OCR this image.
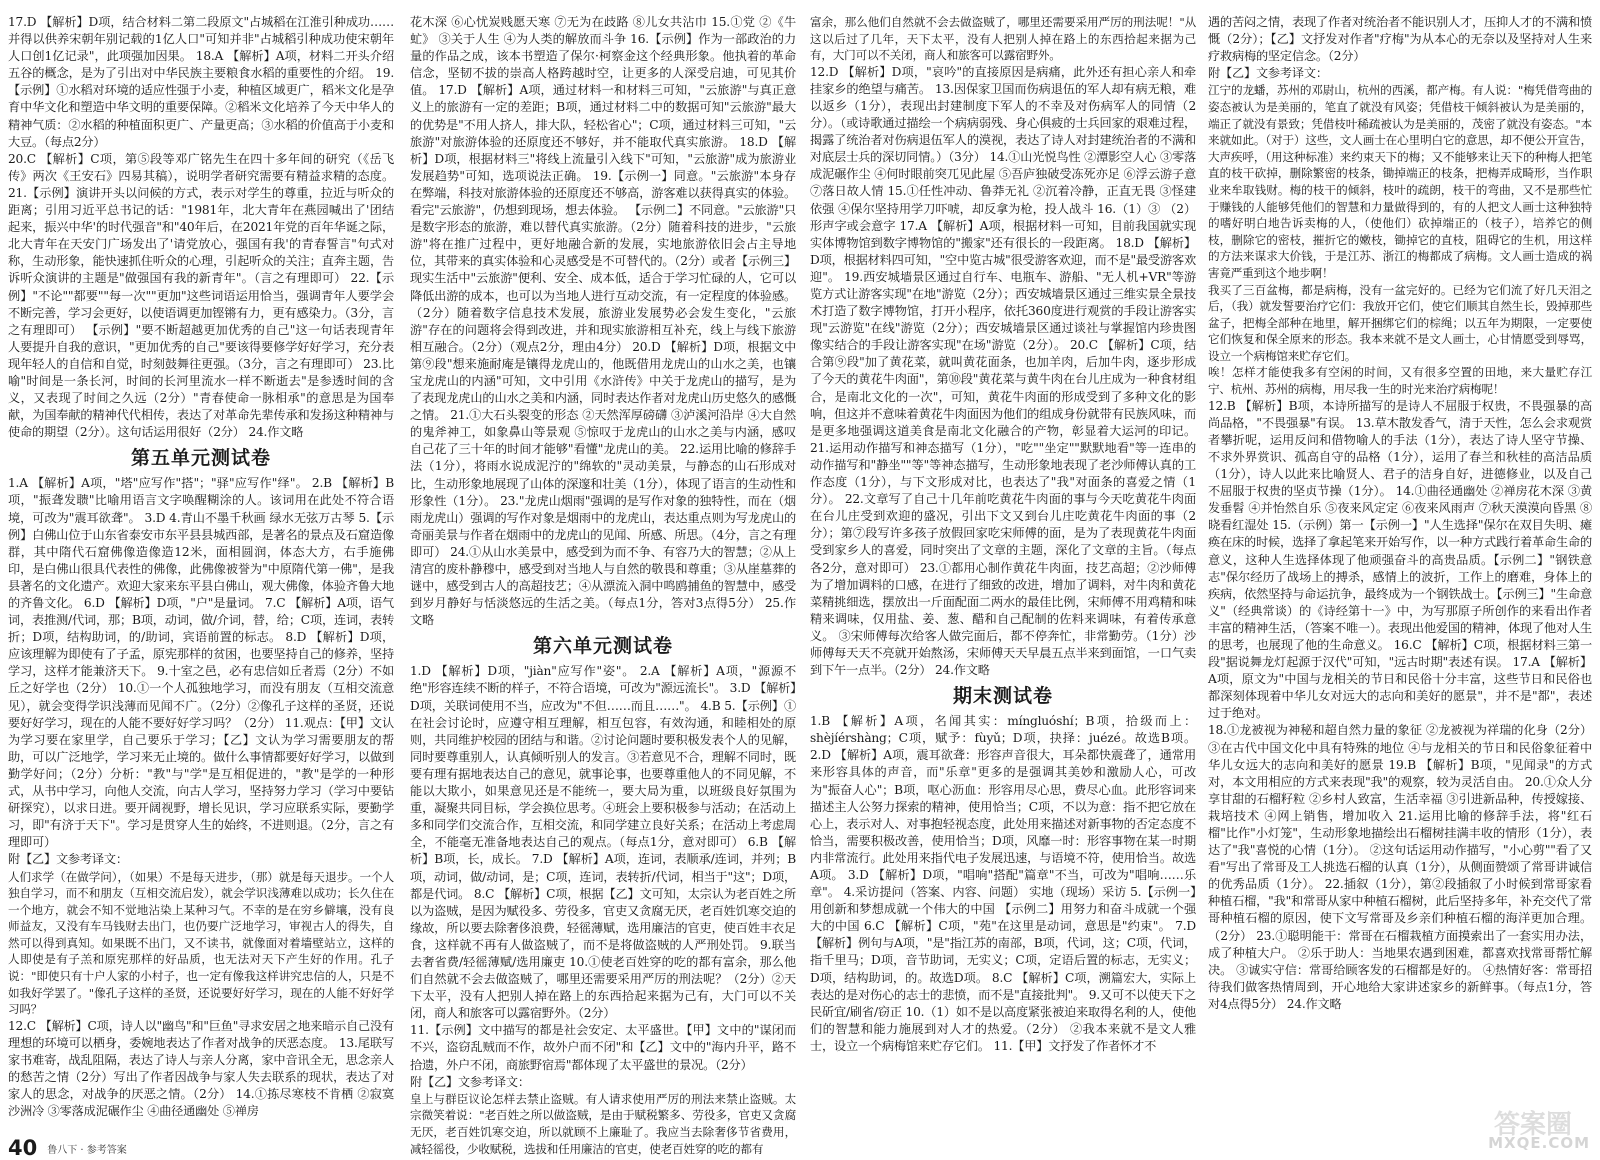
17.D 【解析】D项，结合材料二第二段原文"占城稻在江淮引种成功……并得以供养宋朝年别记载的1亿人口"可知并非"占城稻引种成功使宋朝年人口创1亿记录"，此项强加因果。 18.A 【解析】A项，材料二开头介绍五谷的概念，是为了引出对中华民族主要粮食水稻的重要性的介绍。 19.【示例】①水稻对环境的适应性强于小麦，种植区域更广，稻米文化是孕育中华文化和塑造中华文明的重要保障。②稻米文化培养了今天中华人的精神气质：②水稻的种植面积更广、产量更高；③水稻的价值高于小麦和大豆。（每点2分）

20.C 【解析】C项，第⑤段等邓广铭先生在四十多年间的研究（《岳飞传》两次《王安石》四易其稿），说明学者研究需要有精益求精的态度。 21.【示例】演讲开头以问候的方式，表示对学生的尊重，拉近与听众的距离；引用习近平总书记的话："1981年，北大青年在燕园喊出了'团结起来，振兴中华'的时代强音"和"40年后，在2021年党的百年华诞之际，北大青年在天安门广场发出了'请党放心，强国有我'的青春誓言"句式对称，生动形象，能快速抓住听众的心理，引起听众的关注；直奔主题，告诉听众演讲的主题是"做强国有我的新青年"。（言之有理即可） 22.【示例】"不论""都要""每一次""更加"这些词语运用恰当，强调青年人要学会不断完善，学习会更好，以使语调更加铿锵有力，更有感染力。（3分，言之有理即可） 【示例】"要不断超越更加优秀的自己"这一句话表现青年人要提升自我的意识，"更加优秀的自己"要该得要修学好好学习，充分表现年轻人的自信和自觉，时刻鼓舞往更强。（3分，言之有理即可） 23.比喻"时间是一条长河，时间的长河里流水一样不断逝去"是参透时间的含义，又表现了时间之久远（2分）"青春使命一脉相承"的意思是为国奉献，为国奉献的精神代代相传，表达了对革命先辈传承和发扬这种精神与使命的期望（2分）。这句话运用很好（2分） 24.作文略

第五单元测试卷

1.A 【解析】A项，"塔"应写作"搭"；"驿"应写作"绎"。 2.B 【解析】B项，"振聋发聩"比喻用语言文字唤醒糊涂的人。该词用在此处不符合语境，可改为"震耳欲聋"。 3.D 4.青山不墨千秋画 绿水无弦万古琴 5.【示例】白佛山位于山东省泰安市东平县县城西部，是著名的景点及石窟造像群，其中隋代石窟佛像造像造12米，面相圆润，体态大方，右手施佛印，是白佛山很具代表性的佛像，此佛像被誉为"中原隋代第一佛"，是我县著名的文化遗产。欢迎大家来东平县白佛山，观大佛像，体验齐鲁大地的齐鲁文化。 6.D 【解析】D项，"户"是量词。 7.C 【解析】A项，语气词，表推测/代词，那；B项，动词，做/介词，替，给；C项，连词，表转折；D项，结构助词，的/助词，宾语前置的标志。 8.D 【解析】D项，应该理解为即使有了子孟，原宪那样的贫困，也要坚持自己的修养，坚持学习，这样才能兼济天下。 9.十室之邑，必有忠信如丘者焉（2分）不如丘之好学也（2分） 10.①一个人孤独地学习，而没有朋友（互相交流意见），就会变得学识浅薄而见闻不广。（2分）②像孔子这样的圣贤，还说要好好学习，现在的人能不要好好学习吗？（2分） 11.观点：【甲】文认为学习要在家里学，自己要乐于学习；【乙】文认为学习需要朋友的帮助，可以广泛地学，学习来无止境的。做什么事情都要好好学习，以做到勤学好问；（2分）分析："教"与"学"是互相促进的，"教"是学的一种形式，从书中学习，向他人交流，向古人学习，坚持努力学习（学习中要钻研探究），以求日进。要开阔视野，增长见识，学习应联系实际，要勤学习，即"有济于天下"。学习是贯穿人生的始终，不进则退。（2分，言之有理即可）

附【乙】文参考译文：

人们求学（在做学问），（如果）不是每天进步，（那）就是每天退步。一个人独自学习，而不和朋友（互相交流启发），就会学识浅薄难以成功；长久住在一个地方，就会不知不觉地沾染上某种习气。不幸的是在穷乡僻壤，没有良师益友，又没有车马钱财去出门，也仍要广泛地学习，审视古人的得失，自然可以得到真知。如果既不出门，又不读书，就像面对着墙壁站立，这样的人即使是有子羔和原宪那样的好品质，也无法对天下产生好的作用。孔子说："即使只有十户人家的小村子，也一定有像我这样讲究忠信的人，只是不如我好学罢了。"像孔子这样的圣贤，还说要好好学习，现在的人能不好好学习吗？

12.C 【解析】C项，诗人以"幽鸟"和"巨鱼"寻求安居之地来暗示自己没有理想的环境可以栖身，委婉地表达了作者对战争的厌恶态度。 13.尾联写家书难寄，战乱阻隔，表达了诗人与亲人分离，家中音讯全无，思念亲人的愁苦之情（2分）写出了作者因战争与家人失去联系的现状，表达了对家人的思念，对战争的厌恶之情。（2分） 14.①拣尽寒枝不肯栖 ②寂寞沙洲冷 ③零落成泥碾作尘 ④曲径通幽处 ⑤禅房

花木深 ⑥心忧炭贱愿天寒 ⑦无为在歧路 ⑧儿女共沾巾 15.①党 ②《牛虻》 ③关于人生 ④为人类的解放而斗争 16.【示例】作为一部政治的力量的作品之成，该本书塑造了保尔·柯察金这个经典形象。他执着的革命信念，坚韧不拔的崇高人格跨越时空，让更多的人深受启迪，可见其价值。 17.D 【解析】A项，通过材料一和材料三可知，"云旅游"与真正意义上的旅游有一定的差距；B项，通过材料二中的数据可知"云旅游"最大的优势是"不用人挤人，排大队，轻松省心"；C项，通过材料三可知，"云旅游"对旅游体验的还原度还不够好，并不能取代真实旅游。 18.D 【解析】D项，根据材料三"将线上流量引入线下"可知，"云旅游"成为旅游业发展趋势"可知，选项说法正确。 19.【示例一】同意。"云旅游"本身存在弊端，科技对旅游体验的还原度还不够高，游客难以获得真实的体验。看完"云旅游"，仍想到现场，想去体验。 【示例二】不同意。"云旅游"只是数字形态的旅游，难以替代真实旅游。（2分）随着科技的进步，"云旅游"将在推广过程中，更好地融合新的发展，实地旅游依旧会占主导地位，其带来的真实体验和心灵感受是不可替代的。（2分）或者【示例三】现实生活中"云旅游"便利、安全、成本低，适合于学习忙碌的人，它可以降低出游的成本，也可以为当地人进行互动交流，有一定程度的体验感。（2分）随着数字信息技术发展，旅游业发展势必会发生变化，"云旅游"存在的问题将会得到改进，并和现实旅游相互补充，线上与线下旅游相互融合。（2分）（观点2分，理由4分） 20.D 【解析】D项，根据文中第⑨段"想来施耐庵是镶得龙虎山的，他既借用龙虎山的山水之美，也镶宝龙虎山的内涵"可知，文中引用《水浒传》中关于龙虎山的描写，是为了表现龙虎山的山水之美和内涵，同时表达作者对龙虎山历史悠久的感慨之情。 21.①大石头裂变的形态 ②天然浑厚磅礴 ③泸溪河沿岸 ④大自然的鬼斧神工，如象鼻山等景观 ⑤惊叹于龙虎山的山水之美与内涵，感叹自己花了三十年的时间才能够"看懂"龙虎山的美。 22.运用比喻的修辞手法（1分），将雨水说成泥泞的"绵软的"灵动美景，与静态的山石形成对比，生动形象地展现了山体的深邃和壮美（1分），体现了语言的生动性和形象性（1分）。 23."龙虎山烟雨"强调的是写作对象的独特性，而在（烟雨龙虎山）强调的写作对象是烟雨中的龙虎山，表达重点则为写龙虎山的奇丽美景与作者在烟雨中的龙虎山的见闻、所感、所思。（4分，言之有理即可） 24.①从山水美景中，感受到为而不争、有容乃大的智慧；②从上清宫的废朴静穆中，感受到对当地人与自然的敬畏和尊重；③从崖墓葬的谜中，感受到古人的高超技艺；④从漂流入洞中鸣鸥捕鱼的智慧中，感受到岁月静好与恬淡悠远的生活之美。（每点1分，答对3点得5分） 25.作文略

第六单元测试卷

1.D 【解析】D项，"jiàn"应写作"姿"。 2.A 【解析】A项，"源源不绝"形容连续不断的样子，不符合语境，可改为"源远流长"。 3.D 【解析】D项，关联词使用不当，应改为"不但……而且……"。 4.B 5.【示例】①在社会讨论时，应遵守相互理解，相互包容，有效沟通，和睦相处的原则，共同维护校园的团结与和谐。②讨论问题时要积极发表个人的见解，同时要尊重别人，认真倾听别人的发言。③若意见不合，理解不同时，既要有理有据地表达自己的意见，就事论事，也要尊重他人的不同见解，不能以大欺小，如果意见还是不能统一，要大局为重，以班级良好氛围为重，凝聚共同目标，学会换位思考。④班会上要积极参与活动；在活动上多和同学们交流合作，互相交流，和同学建立良好关系；在活动上考虑周全，不能毫无准备地表达自己的观点。（每点1分，意对即可） 6.B 【解析】B项，长，成长。 7.D 【解析】A项，连词，表顺承/连词，并列；B项，动词，做/动词，是；C项，连词，表转折/代词，相当于"这"；D项，都是代词。 8.C 【解析】C项，根据【乙】文可知，太宗认为老百姓之所以为盗贼，是因为赋役多、劳役多，官吏又贪腐无厌，老百姓饥寒交迫的缘故，所以要去除奢侈浪费，轻徭薄赋，选用廉洁的官吏，使百姓丰衣足食，这样就不再有人做盗贼了，而不是将做盗贼的人严刑处罚。 9.联当去奢省费/轻徭薄赋/选用廉吏 10.①使老百姓穿的吃的都有富余，那么他们自然就不会去做盗贼了，哪里还需要采用严厉的刑法呢？（2分）②天下太平，没有人把别人掉在路上的东西拾起来据为己有，大门可以不关闭，商人和旅客可以露宿野外。（2分）

11.【示例】文中描写的都是社会安定、太平盛世。【甲】文中的"谋闭而不兴，盗窃乱贼而不作，故外户而不闭"和【乙】文中的"海内升平，路不拾遗，外户不闭，商旅野宿焉"都体现了太平盛世的景况。（2分）

附【乙】文参考译文：

皇上与群臣议论怎样去禁止盗贼。有人请求使用严厉的刑法来禁止盗贼。太宗微笑着说："老百姓之所以做盗贼，是由于赋税繁多、劳役多，官吏又贪腐无厌，老百姓饥寒交迫，所以就顾不上廉耻了。我应当去除奢侈节省费用，减轻徭役，少收赋税，选拔和任用廉洁的官吏，使老百姓穿的吃的都有

富余，那么他们自然就不会去做盗贼了，哪里还需要采用严厉的刑法呢！"从这以后过了几年，天下太平，没有人把别人掉在路上的东西拾起来据为己有，大门可以不关闭，商人和旅客可以露宿野外。

12.D 【解析】D项，"哀吟"的直接原因是病痛，此外还有担心亲人和牵挂家乡的绝望与痛苦。 13.因保家卫国而伤病退伍的军人却有病无粮，难以返乡（1分），表现出封建制度下军人的不幸及对伤病军人的同情（2分）。（或诗歌通过描绘一个病病弱残、身心俱疲的士兵回家的艰难过程，揭露了统治者对伤病退伍军人的漠视，表达了诗人对封建统治者的不满和对底层士兵的深切同情。）（3分） 14.①山光悦鸟性 ②潭影空人心 ③零落成泥碾作尘 ④何时眼前突兀见此屋 ⑤吾庐独破受冻死亦足 ⑥浮云游子意 ⑦落日故人情 15.①任性冲动、鲁莽无礼 ②沉着冷静，正直无畏 ③怪建依强 ④保尔坚持用学刀吓唬，却反拿为枪，投人战斗 16.（1）③ （2）形声字或会意字 17.A 【解析】A项，根据材料一可知，目前我国就实现实体博物馆到数字博物馆的"搬家"还有很长的一段距离。 18.D 【解析】D项，根据材料四可知，"空中览古城"很受游客欢迎，而不是"最受游客欢迎"。 19.西安城墙景区通过自行车、电瓶车、游船、"无人机+VR"等游览方式让游客实现"在地"游览（2分）；西安城墙景区通过三维实景全景技术打造了数字博物馆，打开小程序，依托360度进行观赏的手段让游客实现"云游览"在线"游览（2分）；西安城墙景区通过谈社与掌握馆内珍贵图像实结合的手段让游客实现"在场"游览（2分）。 20.C 【解析】C项，结合第⑨段"加了黄花菜，就叫黄花面条，也加羊肉，后加牛肉，逐步形成了今天的黄花牛肉面"，第⑩段"黄花菜与黄牛肉在台儿庄成为一种食材组合，是南北文化的一次"，可知，黄花牛肉面的形成受到了多种文化的影响，但这并不意味着黄花牛肉面因为他们的组成身份就带有民族风味，而是更多地强调这道美食是南北文化融合的产物，彰显着大运河的印记。 21.运用动作描写和神态描写（1分），"吃""坐定""默默地看"等一连串的动作描写和"静坐""等"等神态描写，生动形象地表现了老沙师傅认真的工作态度（1分），与下文形成对比，也表达了"我"对面条的喜爱之情（1分）。 22.文章写了自己十几年前吃黄花牛肉面的事与今天吃黄花牛肉面在台儿庄受到欢迎的盛况，引出下文又到台儿庄吃黄花牛肉面的事（2分）；第⑦段写许多孩子放假回家吃宋师傅的面，是为了表现黄花牛肉面受到家乡人的喜爱，同时突出了文章的主题，深化了文章的主旨。（每点各2分，意对即可） 23.①都用心制作黄花牛肉面，技艺高超；②沙师傅为了增加调料的口感，在进行了细致的改进，增加了调料，对牛肉和黄花菜精挑细选，摆放出一斤面配面二两水的最佳比例，宋师傅不用鸡精和味精来调味，仅用盐、姜、葱、醋和自己配制的佐料来调味，有着传承意义。 ③宋师傅每次给客人做完面后，都不停奔忙，非常勤劳。（1分）沙师傅每天天不亮就开始熬汤，宋师傅天天早晨五点半来到面馆，一口气卖到下午一点半。（2分） 24.作文略

期末测试卷

1.B 【解析】A项，名闻其实：míngluóshí；B项，拾级而上：shèjíérshàng；C项，赋予：fùyǔ；D项，抉择：juézé。故选B项。 2.D 【解析】A项，震耳欲聋：形容声音很大，耳朵都快震聋了，通常用来形容具体的声音，而"乐章"更多的是强调其美妙和激励人心，可改为"振奋人心"；B项，呕心沥血：形容用尽心思，费尽心血。此形容词来描述主人公努力探索的精神，使用恰当；C项，不以为意：指不把它放在心上，表示对人、对事抱轻视态度，此处用来描述对新事物的否定态度不恰当，需要积极改善，使用恰当；D项，风靡一时：形容事物在某一时期内非常流行。此处用来指代电子发展迅速，与语境不符，使用恰当。故选A项。 3.D 【解析】D项，"唱响"搭配"篇章"不当，可改为"唱响……乐章"。 4.采访提问（答案、内容、问题） 实地（现场）采访 5.【示例一】用创新和梦想成就一个伟大的中国 【示例二】用努力和奋斗成就一个强大的中国 6.C 【解析】C项，"苑"在这里是动词，意思是"约束"。 7.D 【解析】例句与A项，"是"指江苏的南部，B项，代词，这；C项，代词，指千里马；D项，音节助词，无实义；C项，定语后置的标志，无实义；D项，结构助词，的。故选D项。 8.C 【解析】C项，溯篇宏大，实际上表达的是对伤心的志士的悲愤，而不是"直接批判"。 9.又可不以使天下之民斫宜/刷省/窃正 10.（1）如不是以高度紧张被迫来取得名利的人，使他们的智慧和能力施展到对人才的热爱。（2分） ②我本来就不是文人雅士，设立一个病梅馆来贮存它们。 11.【甲】文抒发了作者怀才不

遇的苦闷之情，表现了作者对统治者不能识别人才，压抑人才的不满和愤慨（2分）；【乙】文抒发对作者"疗梅"为从本心的无奈以及坚持对人生来疗救病梅的坚定信念。（2分）

附【乙】文参考译文：

江宁的龙蟠，苏州的邓尉山，杭州的西溪，都产梅。有人说："梅凭借弯曲的姿态被认为是美丽的，笔直了就没有风姿；凭借枝干倾斜被认为是美丽的，端正了就没有景致；凭借枝叶稀疏被认为是美丽的，茂密了就没有姿态。"本来就如此。（对于）这些，文人画士在心里明白它的意思，却不便公开宣告，大声疾呼，（用这种标准）来约束天下的梅；又不能够来让天下的种梅人把笔直的枝干砍掉，删除繁密的枝条，锄掉端正的枝条，把梅弄成畸形，当作职业来牟取钱财。梅的枝干的倾斜，枝叶的疏朗，枝干的弯曲，又不是那些忙于赚钱的人能够凭他们的智慧和力量做得到的，有的人把文人画士这种独特的嗜好明白地告诉卖梅的人，（使他们）砍掉端正的（枝子），培养它的侧枝，删除它的密枝，摧折它的嫩枝，锄掉它的直枝，阻碍它的生机，用这样的方法来谋求大价钱，于是江苏、浙江的梅都成了病梅。文人画士造成的祸害竟严重到这个地步啊！

我买了三百盆梅，都是病梅，没有一盆完好的。已经为它们流了好几天泪之后，（我）就发誓要治疗它们：我放开它们，使它们顺其自然生长，毁掉那些盆子，把梅全部种在地里，解开捆绑它们的棕绳；以五年为期限，一定要使它们恢复和保全原来的形态。我本来就不是文人画士，心甘情愿受到辱骂，设立一个病梅馆来贮存它们。

唉！怎样才能使我多有空闲的时间，又有很多空置的田地，来大量贮存江宁、杭州、苏州的病梅，用尽我一生的时光来治疗病梅呢！

12.B 【解析】B项，本诗所描写的是诗人不屈服于权贵，不畏强暴的高尚品格，"不畏强暴"有误。 13.草木散发香气，清于天性，怎么会求观赏者攀折呢，运用反问和借物喻人的手法（1分），表达了诗人坚守节操、不求外界赏识、孤高自守的品格（1分），运用了春兰和秋桂的高洁品质（1分），诗人以此来比喻贤人、君子的洁身自好，进德修业，以及自己不屈服于权贵的坚贞节操（1分）。 14.①曲径通幽处 ②禅房花木深 ③黄发垂髫 ④并怡然自乐 ⑤夜来风定定 ⑥夜来风雨声 ⑦秋天漠漠向昏黑 ⑧晓看红湿处 15.（示例）第一【示例一】"人生选择"保尔在双目失明、瘫痪在床的时候，选择了拿起笔来开始写作，以一种方式践行着革命生命的意义，这种人生选择体现了他顽强奋斗的高贵品质。【示例二】"钢铁意志"保尔经历了战场上的搏杀，感情上的波折，工作上的磨难，身体上的疾病，依然坚持与命运抗争，最终成为一个钢铁战士。【示例三】"生命意义"（经典常谈）的《诗经第十一》中，为写那原子所创作的来看出作者丰富的精神生活，（答案不唯一）。表现出他爱国的精神，体现了他对人生的思考，也展现了他的生命意义。 16.C 【解析】C项，根据材料三第一段"据说舞龙灯起源于汉代"可知，"远古时期"表述有误。 17.A 【解析】A项，原文为"中国与龙相关的节日和民俗十分丰富，这些节日和民俗也都深刻体现着中华儿女对远大的志向和美好的愿景"，并不是"都"，表述过于绝对。

18.①龙被视为神秘和超自然力量的象征 ②龙被视为祥瑞的化身（2分） ③在古代中国文化中具有特殊的地位 ④与龙相关的节日和民俗象征着中华儿女远大的志向和美好的愿景 19.B 【解析】B项，"见闻录"的方式对，本文用相应的方式来表现"我"的观察，较为灵活自由。 20.①众人分享甘甜的石榴籽粒 ②乡村人致富，生活幸福 ③引进新品种，传授嫁接、栽培技术 ④网上销售，增加收入 21.运用比喻的修辞手法，将"红石榴"比作"小灯笼"，生动形象地描绘出石榴树挂满丰收的情形（1分），表达了"我"喜悦的心情（1分）。 ②这句话运用动作描写，"小心剪""看了又看"写出了常哥及工人挑选石榴的认真（1分），从侧面赞颂了常哥讲诚信的优秀品质（1分）。 22.插叙（1分），第②段插叙了小时候到常哥家看种植石榴，"我"和常哥从家中种植石榴树，此后坚持多年，补充交代了常哥种植石榴的原因，使下文写常哥及乡亲们种植石榴的海洋更加合理。（2分） 23.①聪明能干：常哥在石榴栽植方面摸索出了一套实用办法，成了种植大户。 ②乐于助人：当地果农遇到困难，都喜欢找常哥帮忙解决。 ③诚实守信：常哥给顾客发的石榴都是好的。 ④热情好客：常哥招待我们做客热情周到，开心地给大家讲述家乡的新鲜事。（每点1分，答对4点得5分） 24.作文略

40 鲁八下 · 参考答案
答案圈
MXQE.COM
